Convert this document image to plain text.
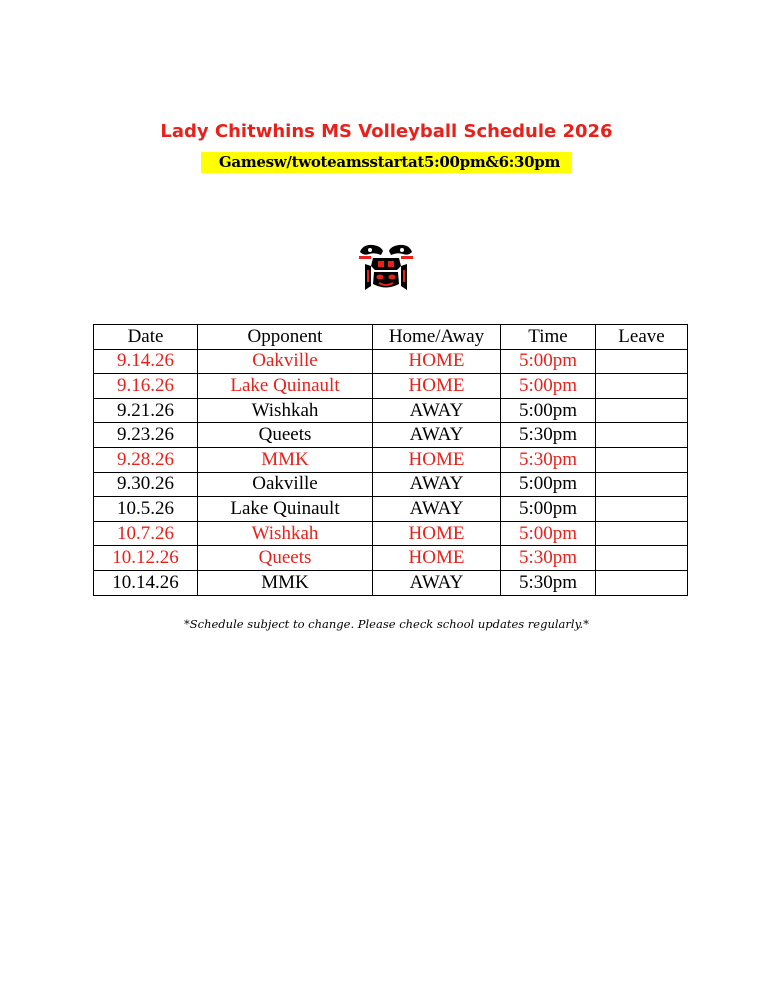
Lady Chitwhins MS Volleyball Schedule 2026
Gamesw/twoteamsstartat5:00pm&6:30pm
Date	Opponent	Home/Away	Time	Leave
9.14.26	Oakville	HOME	5:00pm	
9.16.26	Lake Quinault	HOME	5:00pm	
9.21.26	Wishkah	AWAY	5:00pm	
9.23.26	Queets	AWAY	5:30pm	
9.28.26	MMK	HOME	5:30pm	
9.30.26	Oakville	AWAY	5:00pm	
10.5.26	Lake Quinault	AWAY	5:00pm	
10.7.26	Wishkah	HOME	5:00pm	
10.12.26	Queets	HOME	5:30pm	
10.14.26	MMK	AWAY	5:30pm	
*Schedule subject to change. Please check school updates regularly.*
